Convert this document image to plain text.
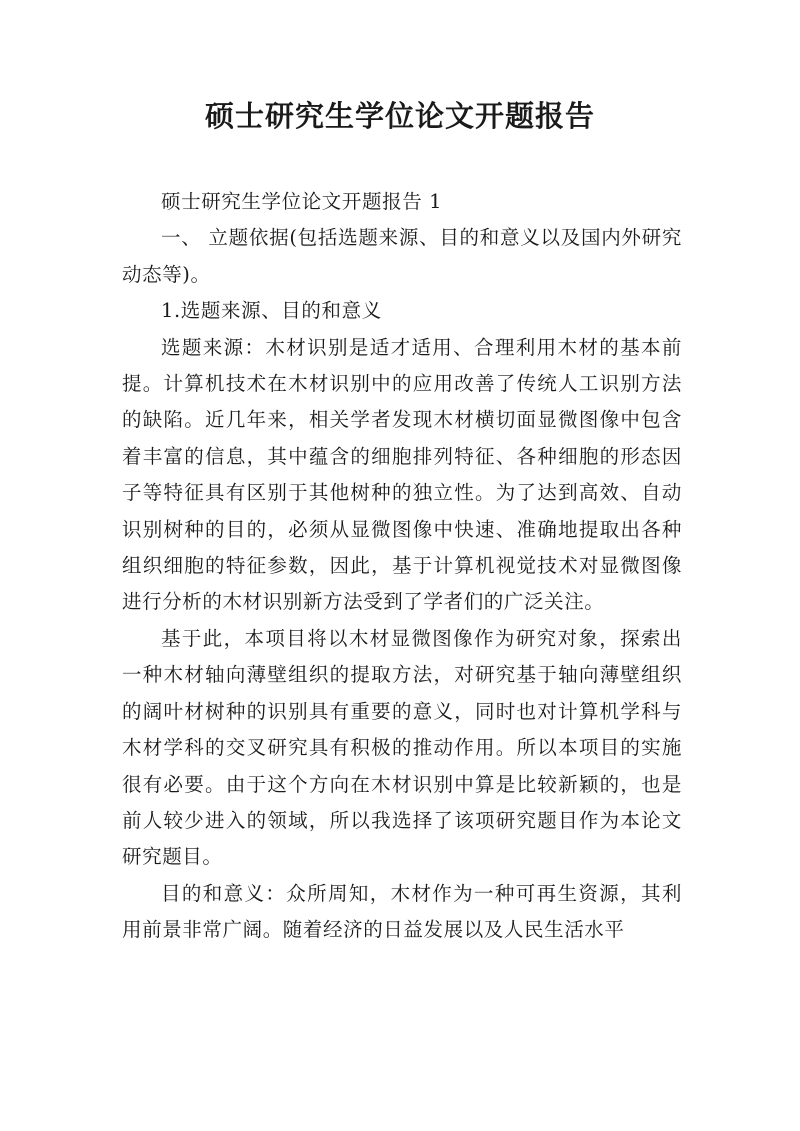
硕士研究生学位论文开题报告

硕士研究生学位论文开题报告 1

一、 立题依据(包括选题来源、目的和意义以及国内外研究动态等)。

1.选题来源、目的和意义

选题来源：木材识别是适才适用、合理利用木材的基本前提。计算机技术在木材识别中的应用改善了传统人工识别方法的缺陷。近几年来，相关学者发现木材横切面显微图像中包含着丰富的信息，其中蕴含的细胞排列特征、各种细胞的形态因子等特征具有区别于其他树种的独立性。为了达到高效、自动识别树种的目的，必须从显微图像中快速、准确地提取出各种组织细胞的特征参数，因此，基于计算机视觉技术对显微图像进行分析的木材识别新方法受到了学者们的广泛关注。

基于此，本项目将以木材显微图像作为研究对象，探索出一种木材轴向薄壁组织的提取方法，对研究基于轴向薄壁组织的阔叶材树种的识别具有重要的意义，同时也对计算机学科与木材学科的交叉研究具有积极的推动作用。所以本项目的实施很有必要。由于这个方向在木材识别中算是比较新颖的，也是前人较少进入的领域，所以我选择了该项研究题目作为本论文研究题目。

目的和意义：众所周知，木材作为一种可再生资源，其利用前景非常广阔。随着经济的日益发展以及人民生活水平
